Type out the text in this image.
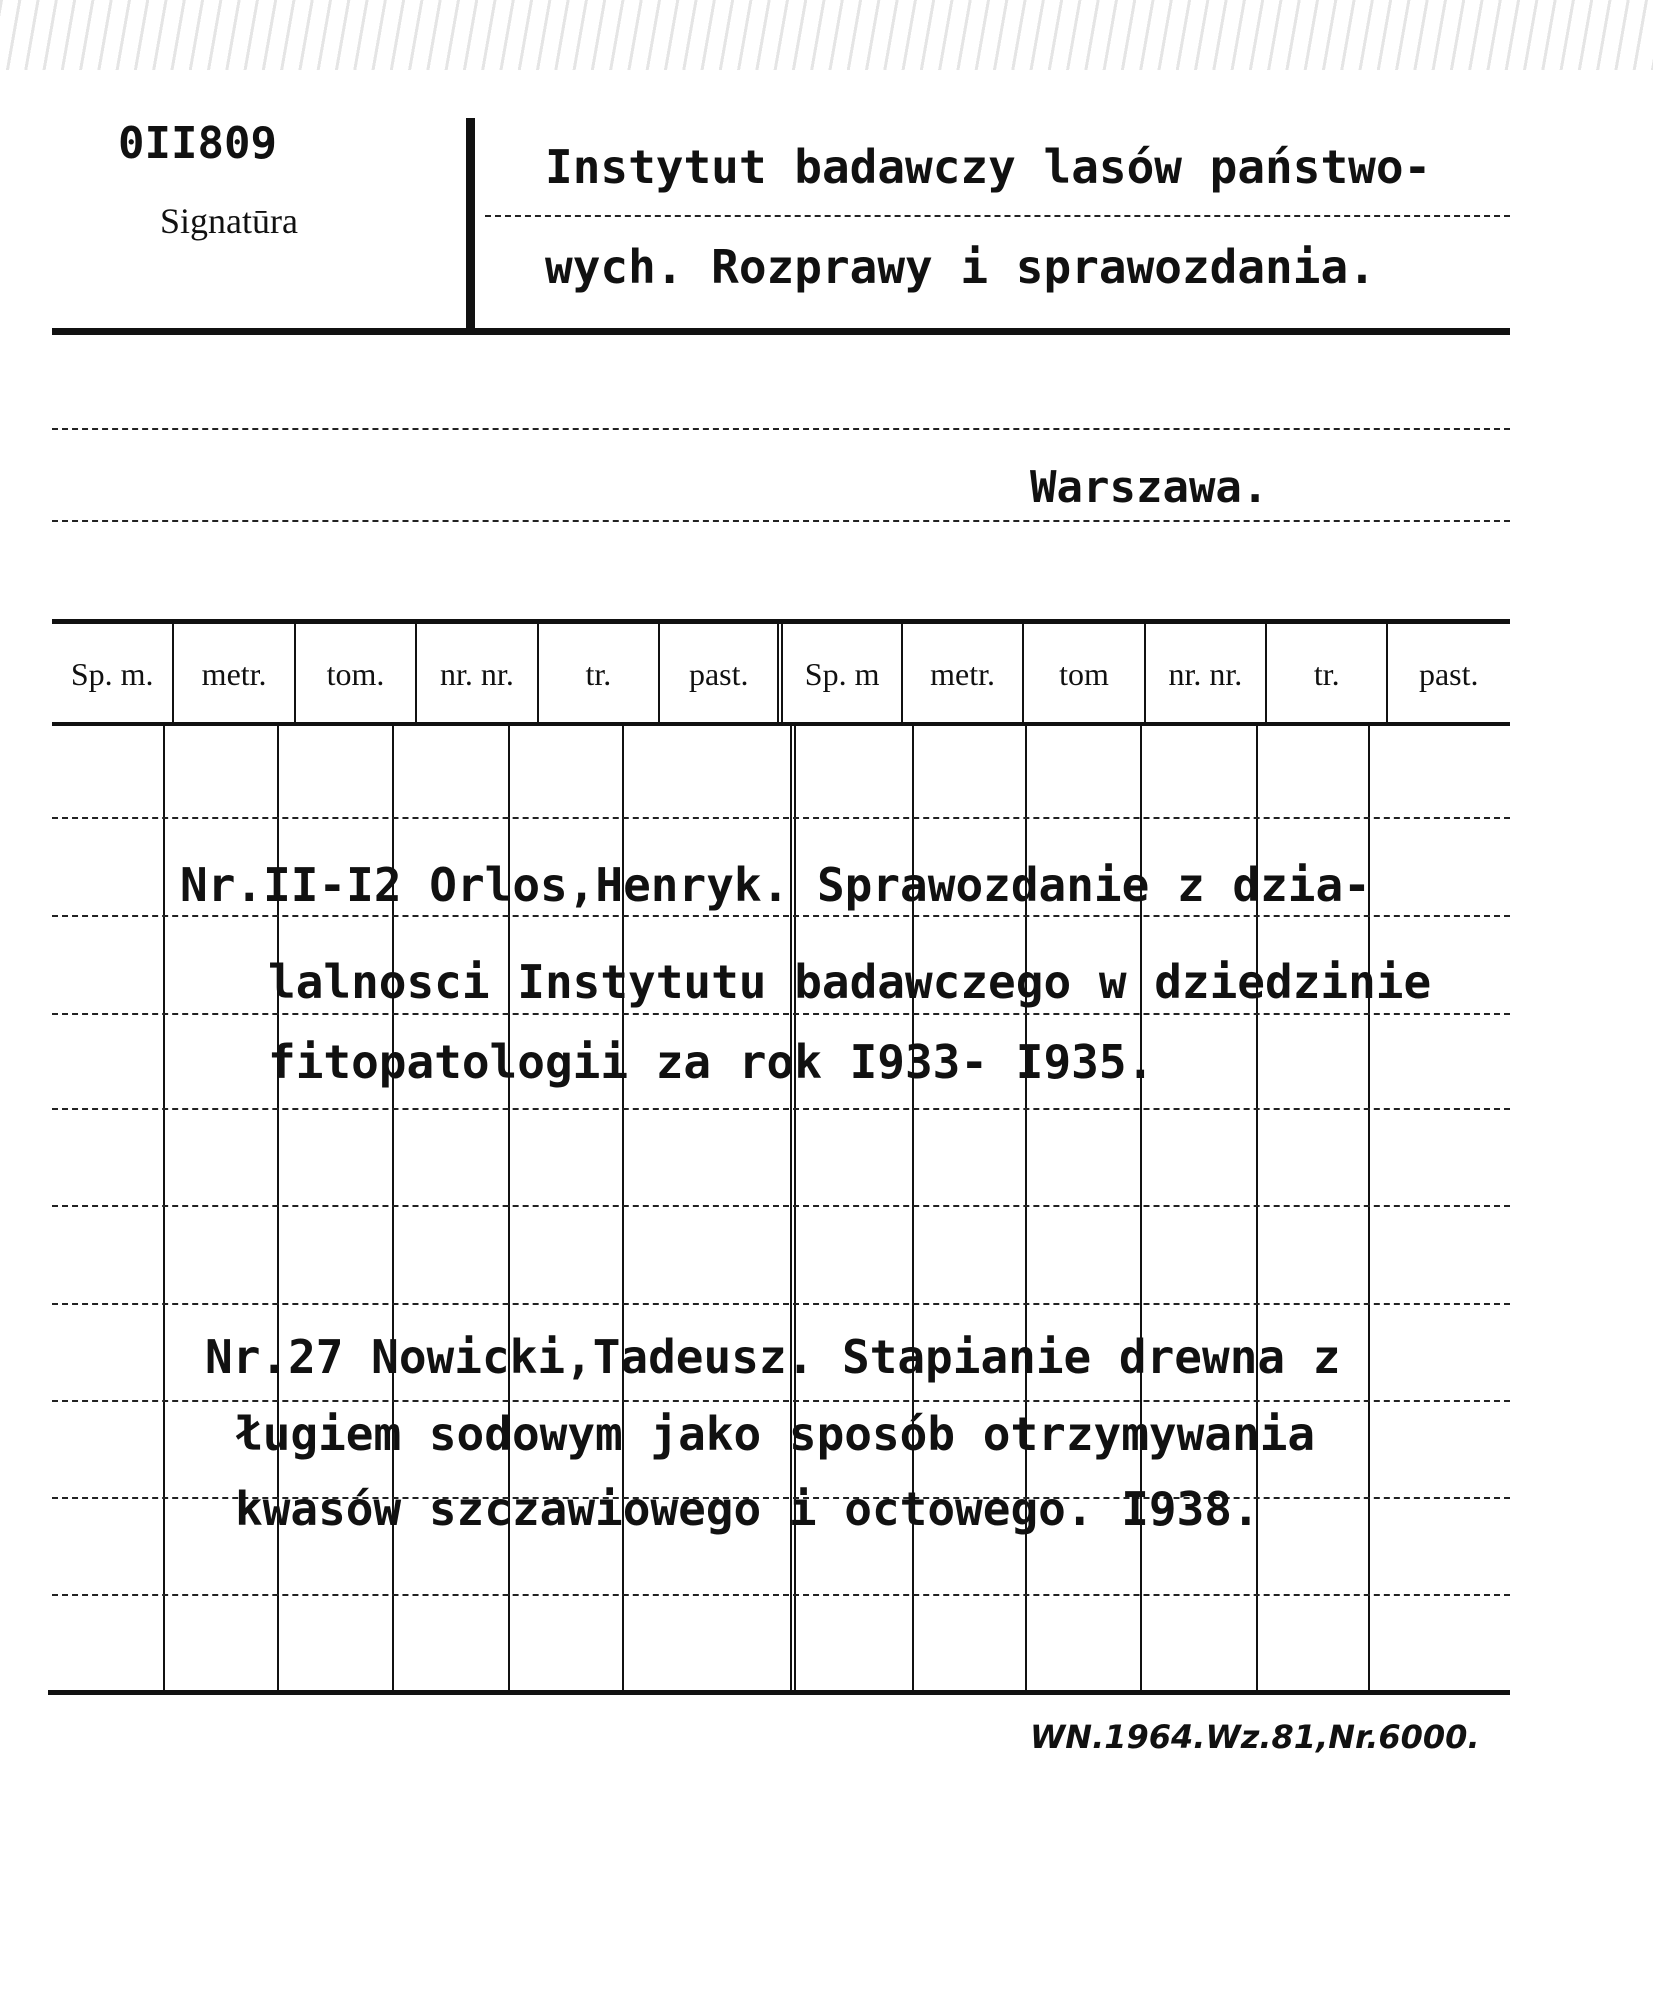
0II809
Signatūra
Instytut badawczy lasów państwo-
wych. Rozprawy i sprawozdania.
Warszawa.
Sp. m.	metr.	tom.	nr. nr.	tr.	past.	Sp. m	metr.	tom	nr. nr.	tr.	past.
Nr.II-I2 Orlos,Henryk. Sprawozdanie z dzia-
lalnosci Instytutu badawczego w dziedzinie
fitopatologii za rok I933- I935.
Nr.27 Nowicki,Tadeusz. Stapianie drewna z
ługiem sodowym jako sposób otrzymywania
kwasów szczawiowego i octowego. I938.
WN.1964.Wz.81,Nr.6000.
